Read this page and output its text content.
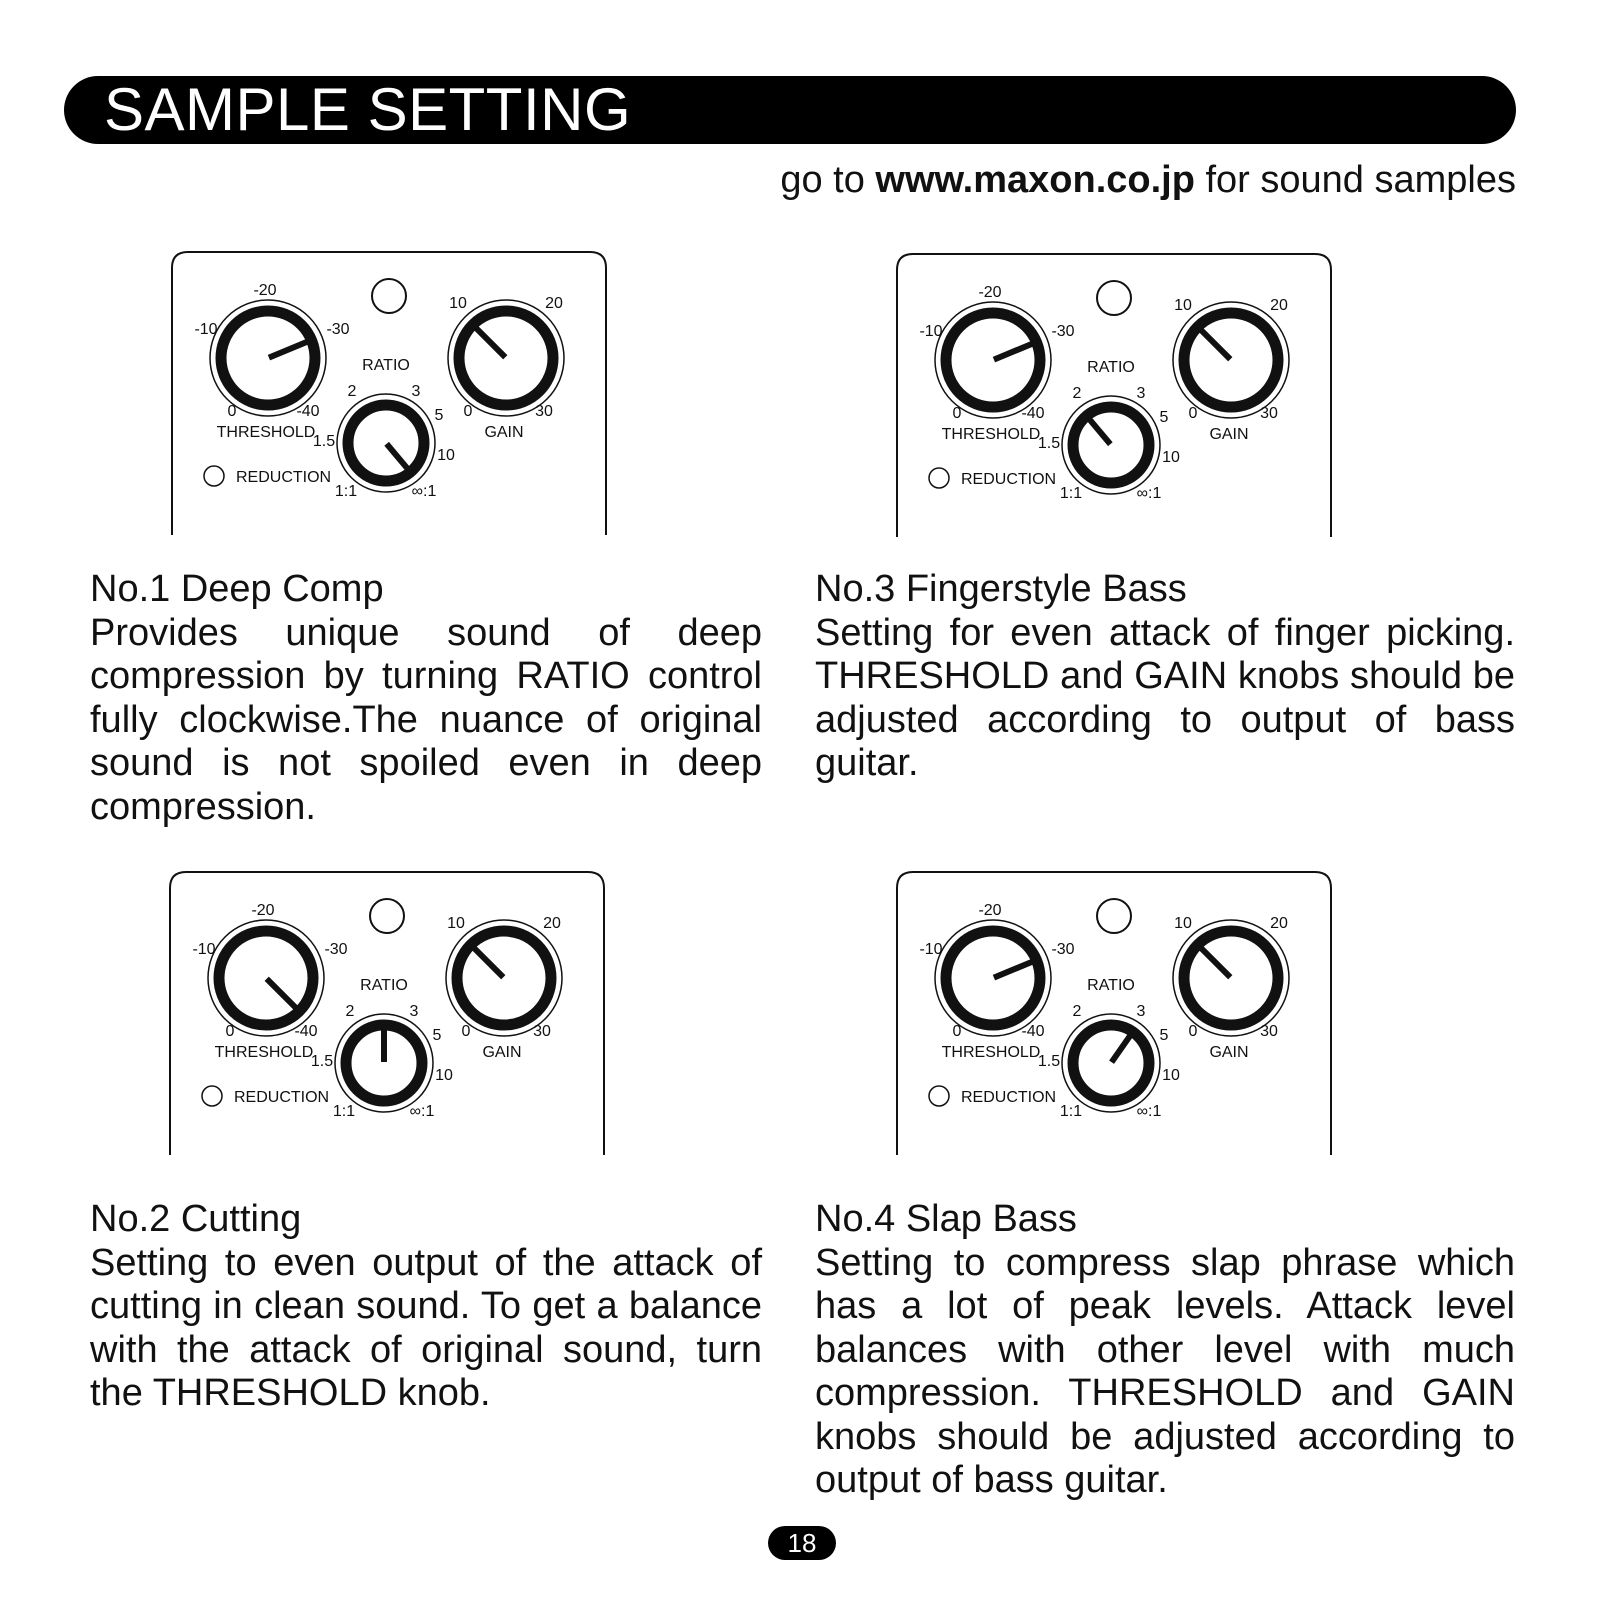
SAMPLE SETTING
go to www.maxon.co.jp for sound samples
-20
-10	-30
0	-40
THRESHOLD
10	20
0	30
GAIN
RATIO
2	3
5
10
1.5
1:1	∞:1
REDUCTION
-20
-10	-30
0	-40
THRESHOLD
10	20
0	30
GAIN
RATIO
2	3
5
10
1.5
1:1	∞:1
REDUCTION
-20
-10	-30
0	-40
THRESHOLD
10	20
0	30
GAIN
RATIO
2	3
5
10
1.5
1:1	∞:1
REDUCTION
-20
-10	-30
0	-40
THRESHOLD
10	20
0	30
GAIN
RATIO
2	3
5
10
1.5
1:1	∞:1
REDUCTION
No.1 Deep Comp
Provides unique sound of deep compression by turning RATIO control fully clockwise.The nuance of original sound is not spoiled even in deep compression.
No.3 Fingerstyle Bass
Setting for even attack of finger picking. THRESHOLD and GAIN knobs should be adjusted according to output of bass guitar.
No.2 Cutting
Setting to even output of the attack of cutting in clean sound. To get a balance with the attack of original sound, turn the THRESHOLD knob.
No.4 Slap Bass
Setting to compress slap phrase which has a lot of peak levels. Attack level balances with other level with much compression. THRESHOLD and GAIN knobs should be adjusted according to output of bass guitar.
18
